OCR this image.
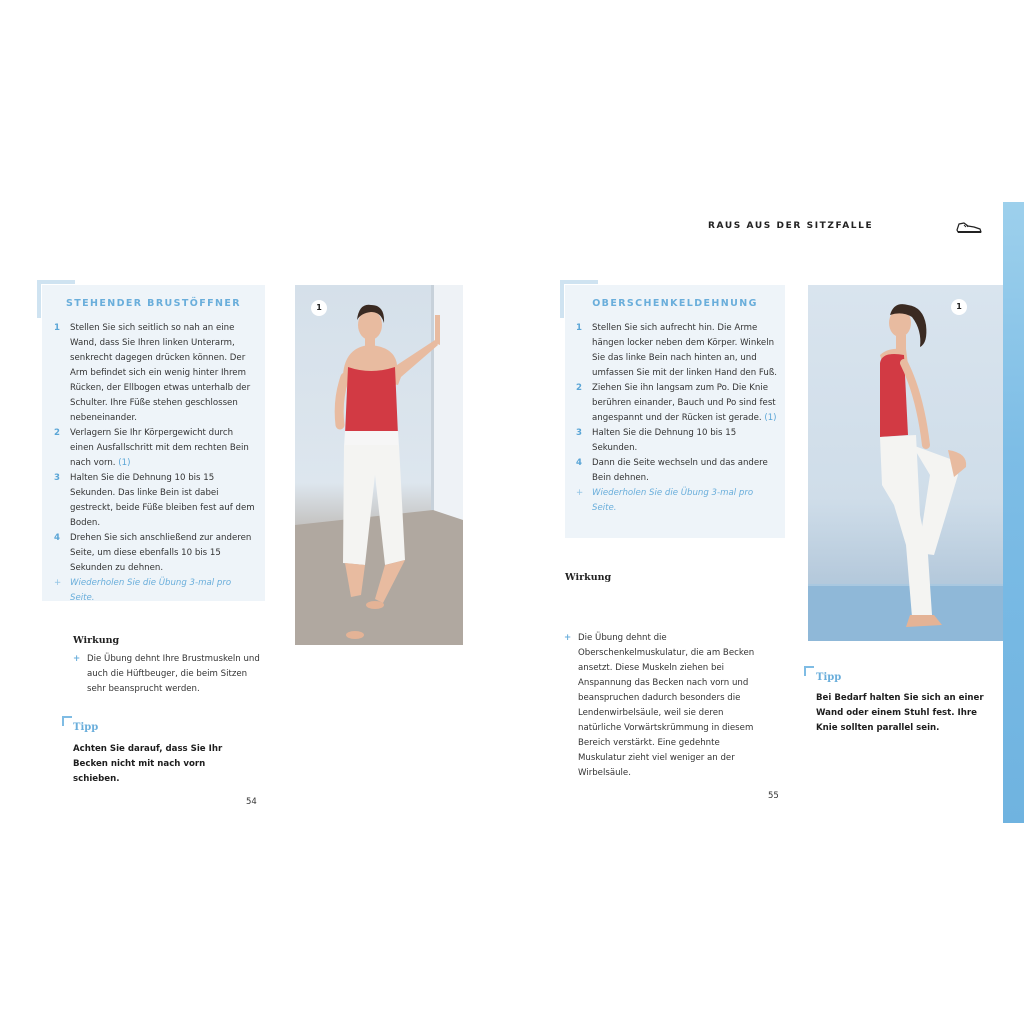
RAUS AUS DER SITZFALLE
STEHENDER BRUSTÖFFNER
1 Stellen Sie sich seitlich so nah an eine Wand, dass Sie Ihren linken Unterarm, senkrecht dagegen drücken können. Der Arm befindet sich ein wenig hinter Ihrem Rücken, der Ellbogen etwas unterhalb der Schulter. Ihre Füße stehen geschlossen nebeneinander.
2 Verlagern Sie Ihr Körpergewicht durch einen Ausfallschritt mit dem rechten Bein nach vorn. (1)
3 Halten Sie die Dehnung 10 bis 15 Sekunden. Das linke Bein ist dabei gestreckt, beide Füße bleiben fest auf dem Boden.
4 Drehen Sie sich anschließend zur anderen Seite, um diese ebenfalls 10 bis 15 Sekunden zu dehnen.
+ Wiederholen Sie die Übung 3-mal pro Seite.
1
Wirkung
+ Die Übung dehnt Ihre Brustmuskeln und auch die Hüftbeuger, die beim Sitzen sehr beansprucht werden.
Tipp
Achten Sie darauf, dass Sie Ihr Becken nicht mit nach vorn schieben.
54
OBERSCHENKELDEHNUNG
1 Stellen Sie sich aufrecht hin. Die Arme hängen locker neben dem Körper. Winkeln Sie das linke Bein nach hinten an, und umfassen Sie mit der linken Hand den Fuß.
2 Ziehen Sie ihn langsam zum Po. Die Knie berühren einander, Bauch und Po sind fest angespannt und der Rücken ist gerade. (1)
3 Halten Sie die Dehnung 10 bis 15 Sekunden.
4 Dann die Seite wechseln und das andere Bein dehnen.
+ Wiederholen Sie die Übung 3-mal pro Seite.
1
Wirkung
+ Die Übung dehnt die Oberschenkelmuskulatur, die am Becken ansetzt. Diese Muskeln ziehen bei Anspannung das Becken nach vorn und beanspruchen dadurch besonders die Lendenwirbelsäule, weil sie deren natürliche Vorwärtskrümmung in diesem Bereich verstärkt. Eine gedehnte Muskulatur zieht viel weniger an der Wirbelsäule.
Tipp
Bei Bedarf halten Sie sich an einer Wand oder einem Stuhl fest. Ihre Knie sollten parallel sein.
55
